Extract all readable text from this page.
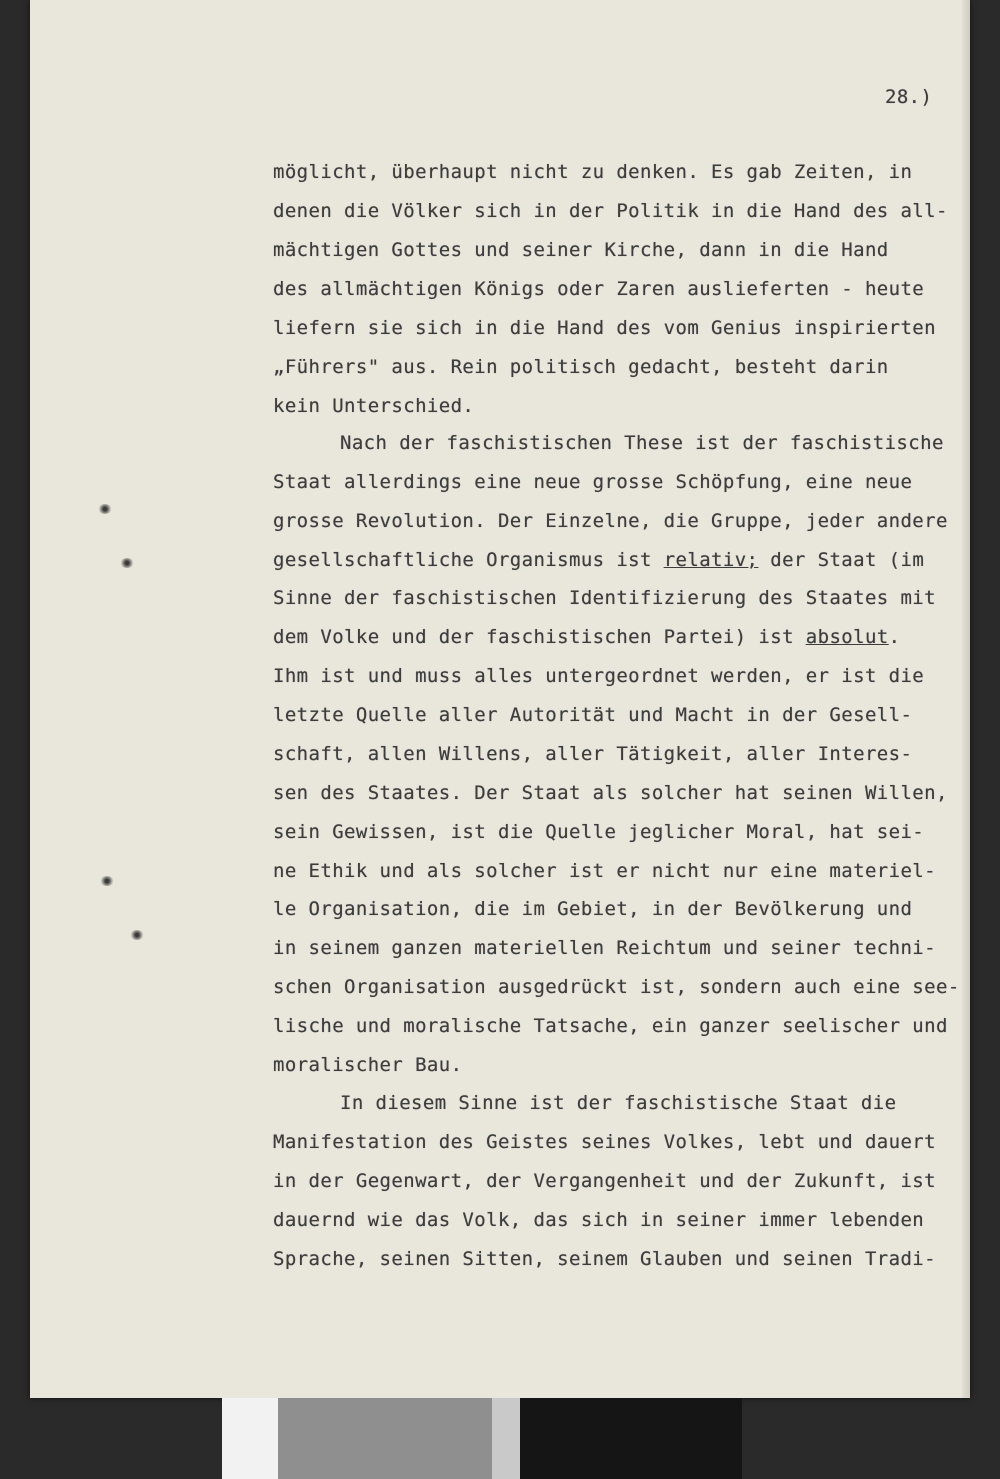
28.)
möglicht, überhaupt nicht zu denken. Es gab Zeiten, in
denen die Völker sich in der Politik in die Hand des all-
mächtigen Gottes und seiner Kirche, dann in die Hand
des allmächtigen Königs oder Zaren auslieferten - heute
liefern sie sich in die Hand des vom Genius inspirierten
„Führers" aus. Rein politisch gedacht, besteht darin
kein Unterschied.
Nach der faschistischen These ist der faschistische
Staat allerdings eine neue grosse Schöpfung, eine neue
grosse Revolution. Der Einzelne, die Gruppe, jeder andere
gesellschaftliche Organismus ist relativ; der Staat (im
Sinne der faschistischen Identifizierung des Staates mit
dem Volke und der faschistischen Partei) ist absolut.
Ihm ist und muss alles untergeordnet werden, er ist die
letzte Quelle aller Autorität und Macht in der Gesell-
schaft, allen Willens, aller Tätigkeit, aller Interes-
sen des Staates. Der Staat als solcher hat seinen Willen,
sein Gewissen, ist die Quelle jeglicher Moral, hat sei-
ne Ethik und als solcher ist er nicht nur eine materiel-
le Organisation, die im Gebiet, in der Bevölkerung und
in seinem ganzen materiellen Reichtum und seiner techni-
schen Organisation ausgedrückt ist, sondern auch eine see-
lische und moralische Tatsache, ein ganzer seelischer und
moralischer Bau.
In diesem Sinne ist der faschistische Staat die
Manifestation des Geistes seines Volkes, lebt und dauert
in der Gegenwart, der Vergangenheit und der Zukunft, ist
dauernd wie das Volk, das sich in seiner immer lebenden
Sprache, seinen Sitten, seinem Glauben und seinen Tradi-
